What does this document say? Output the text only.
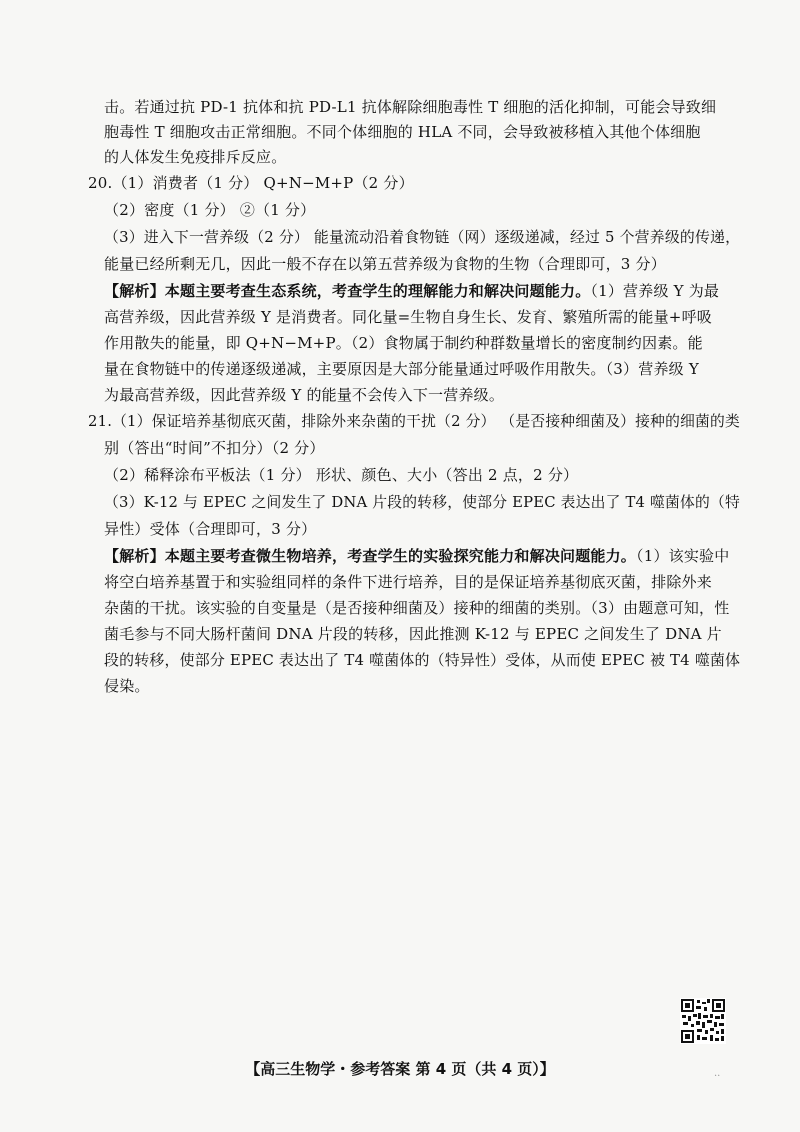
击。若通过抗 PD-1 抗体和抗 PD-L1 抗体解除细胞毒性 T 细胞的活化抑制，可能会导致细
胞毒性 T 细胞攻击正常细胞。不同个体细胞的 HLA 不同，会导致被移植入其他个体细胞
的人体发生免疫排斥反应。
20.（1）消费者（1 分） Q+N−M+P（2 分）
（2）密度（1 分） ②（1 分）
（3）进入下一营养级（2 分） 能量流动沿着食物链（网）逐级递减，经过 5 个营养级的传递，
能量已经所剩无几，因此一般不存在以第五营养级为食物的生物（合理即可，3 分）
【解析】本题主要考查生态系统，考查学生的理解能力和解决问题能力。（1）营养级 Y 为最
高营养级，因此营养级 Y 是消费者。同化量=生物自身生长、发育、繁殖所需的能量+呼吸
作用散失的能量，即 Q+N−M+P。（2）食物属于制约种群数量增长的密度制约因素。能
量在食物链中的传递逐级递减，主要原因是大部分能量通过呼吸作用散失。（3）营养级 Y
为最高营养级，因此营养级 Y 的能量不会传入下一营养级。
21.（1）保证培养基彻底灭菌，排除外来杂菌的干扰（2 分） （是否接种细菌及）接种的细菌的类
别（答出“时间”不扣分）（2 分）
（2）稀释涂布平板法（1 分） 形状、颜色、大小（答出 2 点，2 分）
（3）K-12 与 EPEC 之间发生了 DNA 片段的转移，使部分 EPEC 表达出了 T4 噬菌体的（特
异性）受体（合理即可，3 分）
【解析】本题主要考查微生物培养，考查学生的实验探究能力和解决问题能力。（1）该实验中
将空白培养基置于和实验组同样的条件下进行培养，目的是保证培养基彻底灭菌，排除外来
杂菌的干扰。该实验的自变量是（是否接种细菌及）接种的细菌的类别。（3）由题意可知，性
菌毛参与不同大肠杆菌间 DNA 片段的转移，因此推测 K-12 与 EPEC 之间发生了 DNA 片
段的转移，使部分 EPEC 表达出了 T4 噬菌体的（特异性）受体，从而使 EPEC 被 T4 噬菌体
侵染。
【高三生物学・参考答案 第 4 页（共 4 页）】	..
